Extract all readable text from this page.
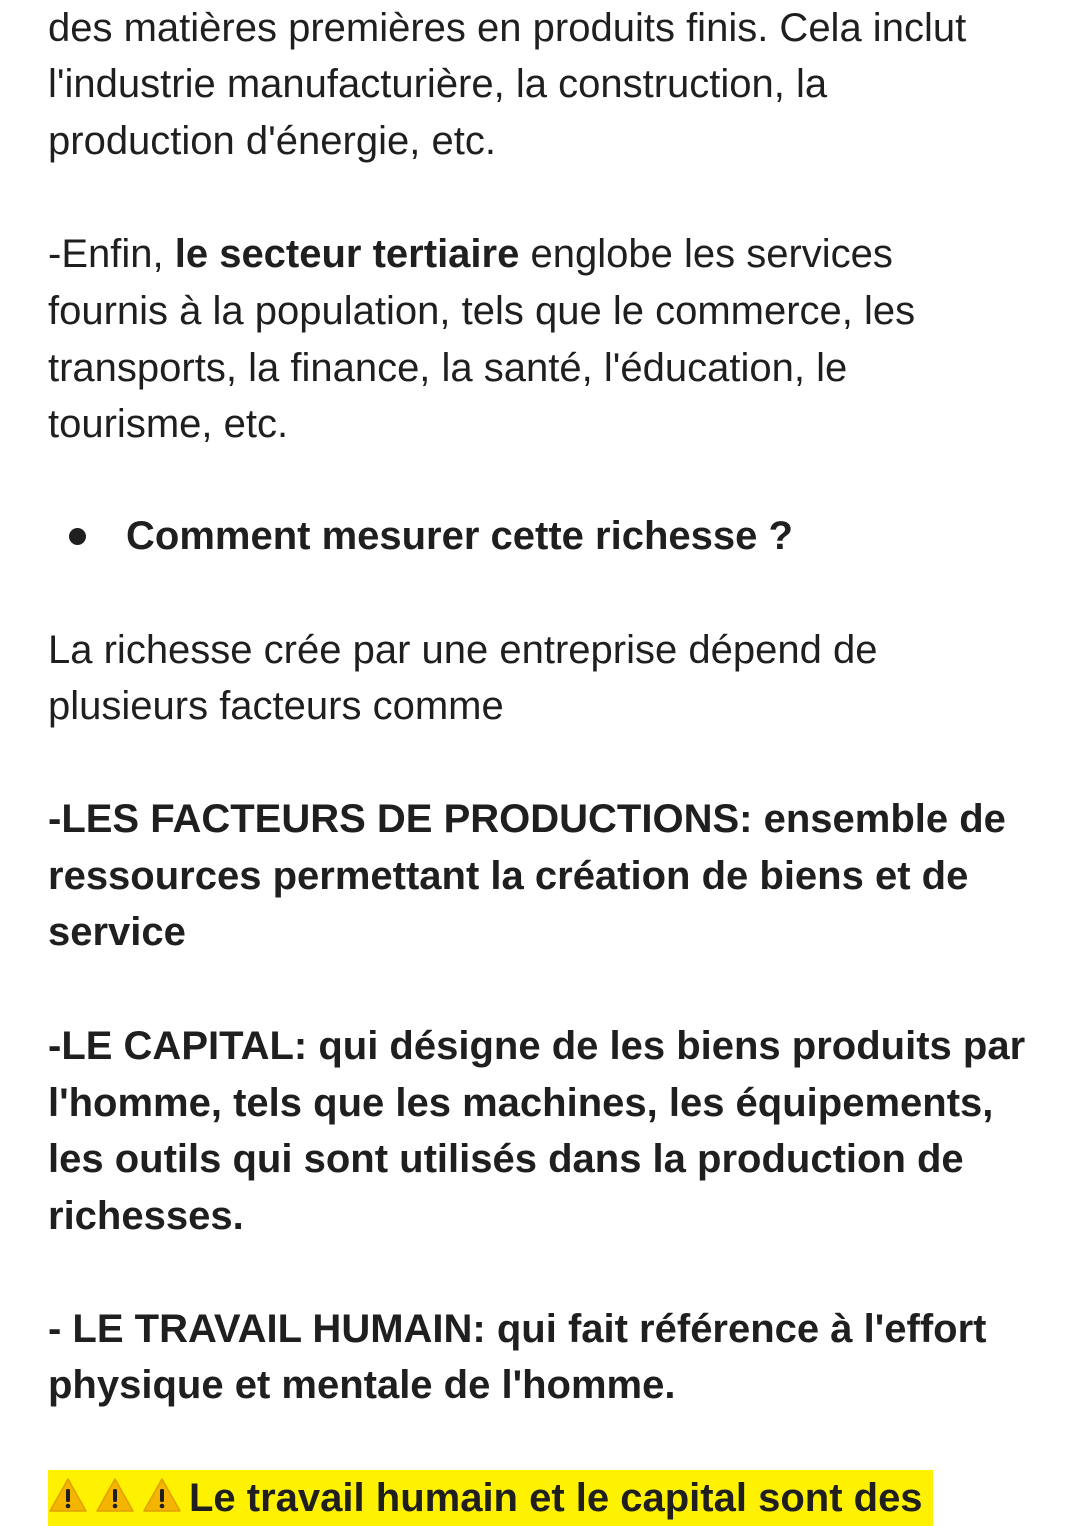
des matières premières en produits finis. Cela inclut
l'industrie manufacturière, la construction, la
production d'énergie, etc.
-Enfin, le secteur tertiaire englobe les services
fournis à la population, tels que le commerce, les
transports, la finance, la santé, l'éducation, le
tourisme, etc.
Comment mesurer cette richesse ?
La richesse crée par une entreprise dépend de
plusieurs facteurs comme
-LES FACTEURS DE PRODUCTIONS: ensemble de
ressources permettant la création de biens et de
service
-LE CAPITAL: qui désigne de les biens produits par
l'homme, tels que les machines, les équipements,
les outils qui sont utilisés dans la production de
richesses.
- LE TRAVAIL HUMAIN: qui fait référence à l'effort
physique et mentale de l'homme.
Le travail humain et le capital sont des
